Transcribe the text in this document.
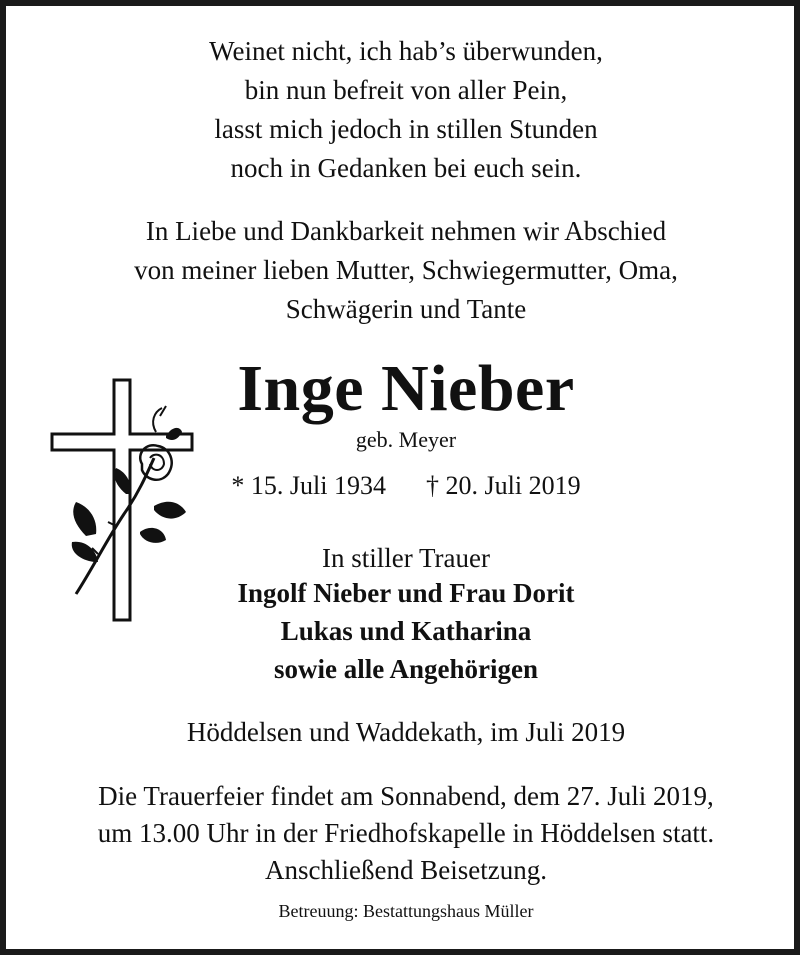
Weinet nicht, ich hab’s überwunden,
bin nun befreit von aller Pein,
lasst mich jedoch in stillen Stunden
noch in Gedanken bei euch sein.
In Liebe und Dankbarkeit nehmen wir Abschied
von meiner lieben Mutter, Schwiegermutter, Oma,
Schwägerin und Tante
Inge Nieber
geb. Meyer
* 15. Juli 1934 † 20. Juli 2019
In stiller Trauer
Ingolf Nieber und Frau Dorit
Lukas und Katharina
sowie alle Angehörigen
Höddelsen und Waddekath, im Juli 2019
Die Trauerfeier findet am Sonnabend, dem 27. Juli 2019,
um 13.00 Uhr in der Friedhofskapelle in Höddelsen statt.
Anschließend Beisetzung.
Betreuung: Bestattungshaus Müller
